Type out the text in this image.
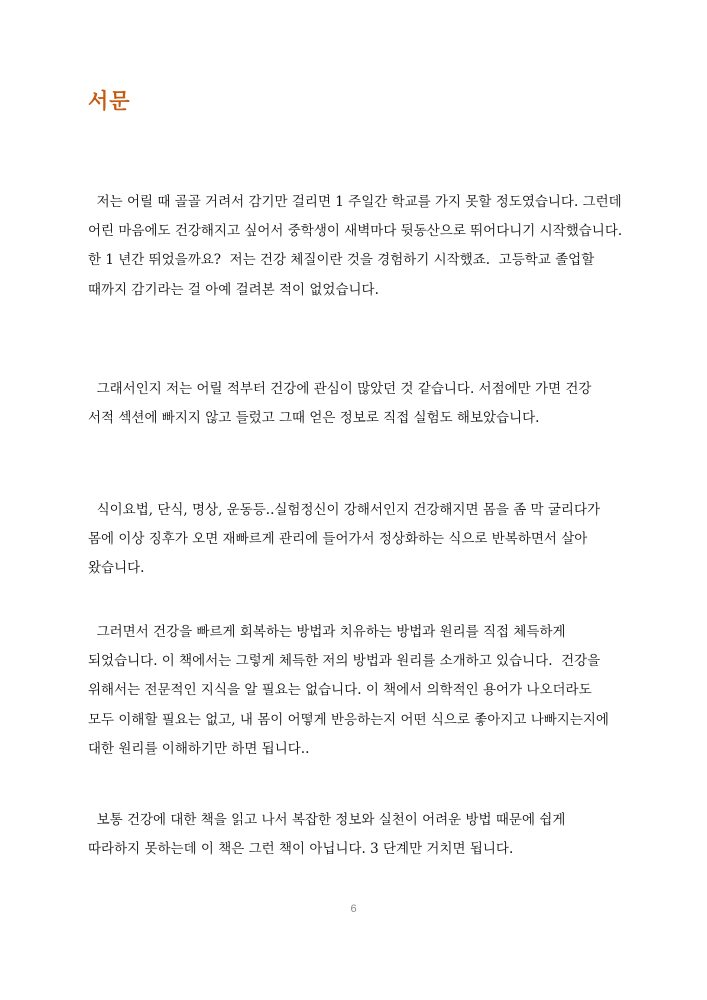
서문

저는 어릴 때 골골 거려서 감기만 걸리면 1 주일간 학교를 가지 못할 정도였습니다. 그런데
어린 마음에도 건강해지고 싶어서 중학생이 새벽마다 뒷동산으로 뛰어다니기 시작했습니다.
한 1 년간 뛰었을까요?  저는 건강 체질이란 것을 경험하기 시작했죠.  고등학교 졸업할
때까지 감기라는 걸 아예 걸려본 적이 없었습니다.

그래서인지 저는 어릴 적부터 건강에 관심이 많았던 것 같습니다. 서점에만 가면 건강
서적 섹션에 빠지지 않고 들렀고 그때 얻은 정보로 직접 실험도 해보았습니다.

식이요법, 단식, 명상, 운동등..실험정신이 강해서인지 건강해지면 몸을 좀 막 굴리다가
몸에 이상 징후가 오면 재빠르게 관리에 들어가서 정상화하는 식으로 반복하면서 살아
왔습니다.

그러면서 건강을 빠르게 회복하는 방법과 치유하는 방법과 원리를 직접 체득하게
되었습니다. 이 책에서는 그렇게 체득한 저의 방법과 원리를 소개하고 있습니다.  건강을
위해서는 전문적인 지식을 알 필요는 없습니다. 이 책에서 의학적인 용어가 나오더라도
모두 이해할 필요는 없고, 내 몸이 어떻게 반응하는지 어떤 식으로 좋아지고 나빠지는지에
대한 원리를 이해하기만 하면 됩니다..

보통 건강에 대한 책을 읽고 나서 복잡한 정보와 실천이 어려운 방법 때문에 쉽게
따라하지 못하는데 이 책은 그런 책이 아닙니다. 3 단계만 거치면 됩니다.

6
